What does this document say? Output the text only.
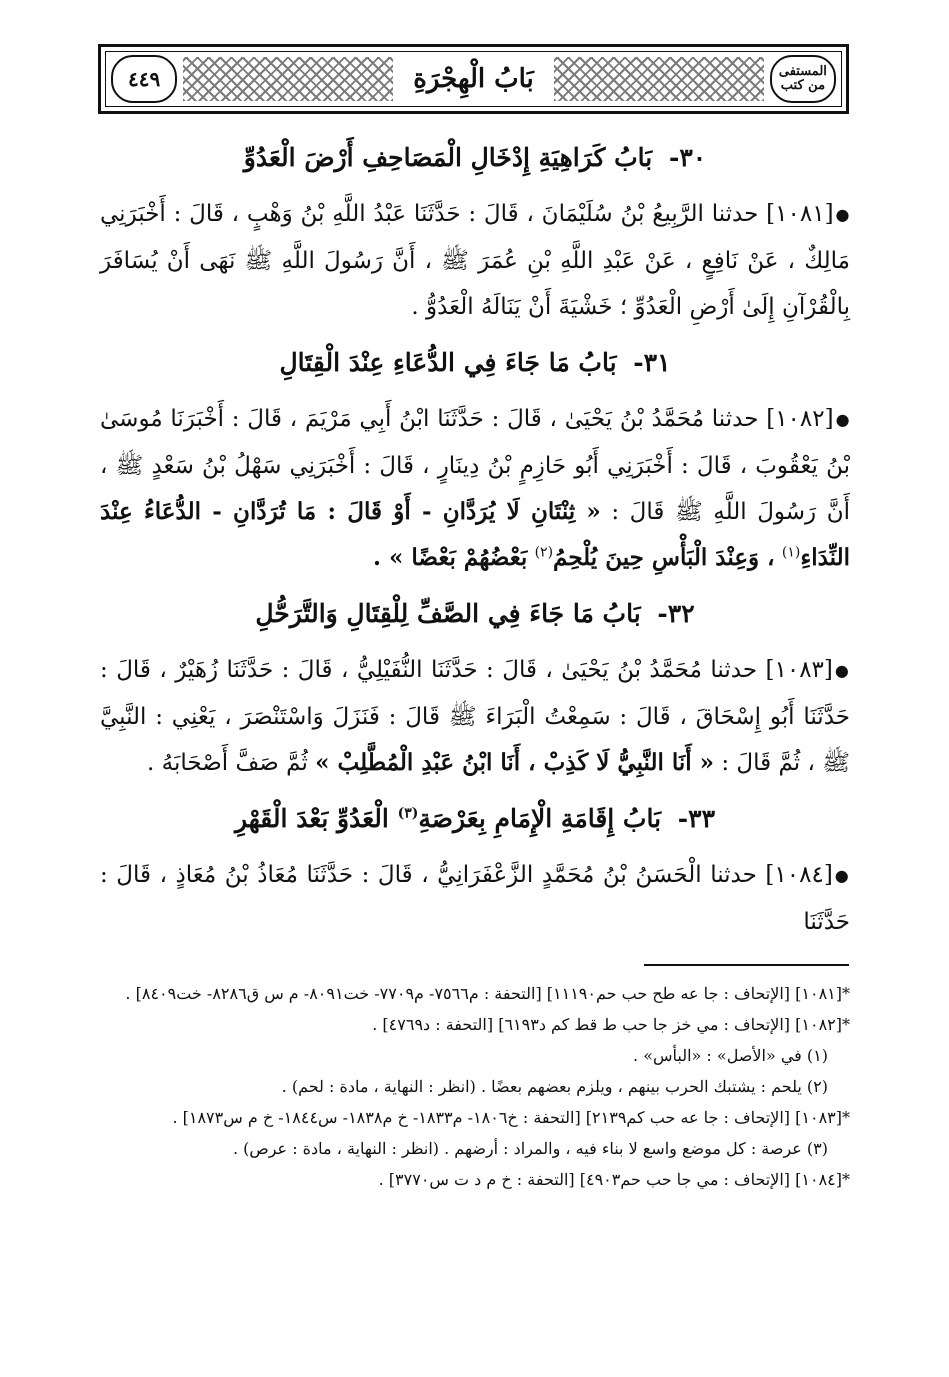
المستفى من كتب
بَابُ الْهِجْرَةِ
٤٤٩
٣٠- بَابُ كَرَاهِيَةِ إِدْخَالِ الْمَصَاحِفِ أَرْضَ الْعَدُوِّ

●[١٠٨١] حدثنا الرَّبِيعُ بْنُ سُلَيْمَانَ ، قَالَ : حَدَّثَنَا عَبْدُ اللَّهِ بْنُ وَهْبٍ ، قَالَ : أَخْبَرَنِي مَالِكٌ ، عَنْ نَافِعٍ ، عَنْ عَبْدِ اللَّهِ بْنِ عُمَرَ ﷺ ، أَنَّ رَسُولَ اللَّهِ ﷺ نَهَى أَنْ يُسَافَرَ بِالْقُرْآنِ إِلَىٰ أَرْضِ الْعَدُوِّ ؛ خَشْيَةَ أَنْ يَنَالَهُ الْعَدُوُّ .

٣١- بَابُ مَا جَاءَ فِي الدُّعَاءِ عِنْدَ الْقِتَالِ

●[١٠٨٢] حدثنا مُحَمَّدُ بْنُ يَحْيَىٰ ، قَالَ : حَدَّثَنَا ابْنُ أَبِي مَرْيَمَ ، قَالَ : أَخْبَرَنَا مُوسَىٰ بْنُ يَعْقُوبَ ، قَالَ : أَخْبَرَنِي أَبُو حَازِمٍ بْنُ دِينَارٍ ، قَالَ : أَخْبَرَنِي سَهْلُ بْنُ سَعْدٍ ﷺ ، أَنَّ رَسُولَ اللَّهِ ﷺ قَالَ : « ثِنْتَانِ لَا يُرَدَّانِ - أَوْ قَالَ : مَا تُرَدَّانِ - الدُّعَاءُ عِنْدَ النِّدَاءِ$^{(١)}$ ، وَعِنْدَ الْبَأْسِ حِينَ يُلْحِمُ$^{(٢)}$ بَعْضُهُمْ بَعْضًا » .

٣٢- بَابُ مَا جَاءَ فِي الصَّفِّ لِلْقِتَالِ وَالتَّرَحُّلِ

●[١٠٨٣] حدثنا مُحَمَّدُ بْنُ يَحْيَىٰ ، قَالَ : حَدَّثَنَا النُّفَيْلِيُّ ، قَالَ : حَدَّثَنَا زُهَيْرٌ ، قَالَ : حَدَّثَنَا أَبُو إِسْحَاقَ ، قَالَ : سَمِعْتُ الْبَرَاءَ ﷺ قَالَ : فَنَزَلَ وَاسْتَنْصَرَ ، يَعْنِي : النَّبِيَّ ﷺ ، ثُمَّ قَالَ : « أَنَا النَّبِيُّ لَا كَذِبْ ، أَنَا ابْنُ عَبْدِ الْمُطَّلِبْ » ثُمَّ صَفَّ أَصْحَابَهُ .

٣٣- بَابُ إِقَامَةِ الْإِمَامِ بِعَرْصَةِ$^{(٣)}$ الْعَدُوِّ بَعْدَ الْقَهْرِ

●[١٠٨٤] حدثنا الْحَسَنُ بْنُ مُحَمَّدٍ الزَّعْفَرَانِيُّ ، قَالَ : حَدَّثَنَا مُعَاذُ بْنُ مُعَاذٍ ، قَالَ : حَدَّثَنَا

*[١٠٨١] [الإتحاف : جا عه طح حب حم١١١٩٠] [التحفة : م٧٥٦٦- م٧٧٠٩- خت٨٠٩١- م س ق٨٢٨٦- خت٨٤٠٩] .

*[١٠٨٢] [الإتحاف : مي خز جا حب ط قط كم د٦١٩٣] [التحفة : د٤٧٦٩] .

(١) في «الأصل» : «البأس» .

(٢) يلحم : يشتبك الحرب بينهم ، ويلزم بعضهم بعضًا . (انظر : النهاية ، مادة : لحم) .

*[١٠٨٣] [الإتحاف : جا عه حب كم٢١٣٩] [التحفة : خ١٨٠٦- م١٨٣٣- خ م١٨٣٨- س١٨٤٤- خ م س١٨٧٣] .

(٣) عرصة : كل موضع واسع لا بناء فيه ، والمراد : أرضهم . (انظر : النهاية ، مادة : عرص) .

*[١٠٨٤] [الإتحاف : مي جا حب حم٤٩٠٣] [التحفة : خ م د ت س٣٧٧٠] .
